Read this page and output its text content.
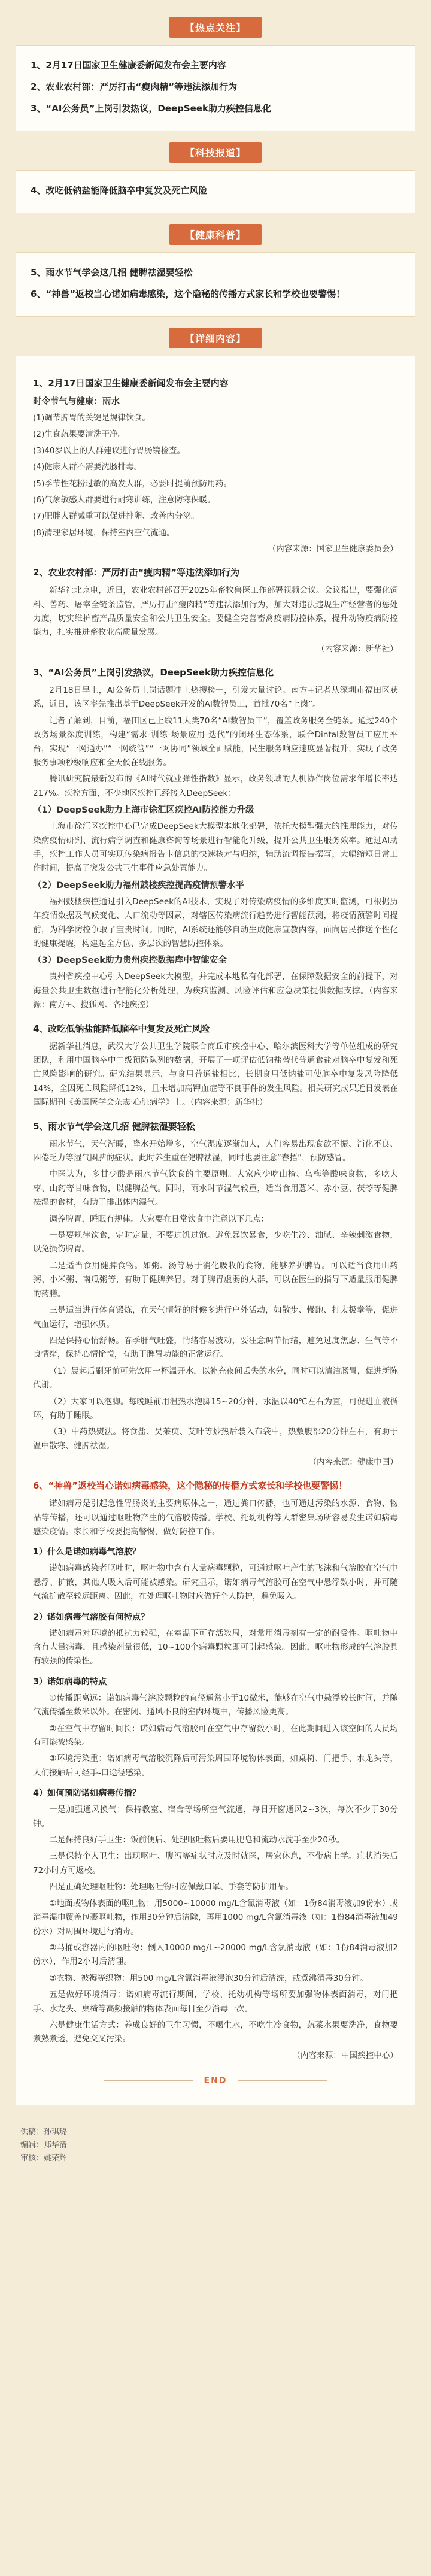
【热点关注】
1、2月17日国家卫生健康委新闻发布会主要内容
2、农业农村部：严厉打击“瘦肉精”等违法添加行为
3、“AI公务员”上岗引发热议，DeepSeek助力疾控信息化
【科技报道】
4、改吃低钠盐能降低脑卒中复发及死亡风险
【健康科普】
5、雨水节气学会这几招 健脾祛湿要轻松
6、“神兽”返校当心诺如病毒感染，这个隐秘的传播方式家长和学校也要警惕！
【详细内容】
1、2月17日国家卫生健康委新闻发布会主要内容
时令节气与健康：雨水
(1)调节脾胃的关键是规律饮食。
(2)生食蔬果要清洗干净。
(3)40岁以上的人群建议进行胃肠镜检查。
(4)健康人群不需要洗肠排毒。
(5)季节性花粉过敏的高发人群，必要时提前预防用药。
(6)气象敏感人群要进行耐寒训练，注意防寒保暖。
(7)肥胖人群减重可以促进排卵、改善内分泌。
(8)清理家居环境，保持室内空气流通。
（内容来源：国家卫生健康委员会）
2、农业农村部：严厉打击“瘦肉精”等违法添加行为
新华社北京电，近日，农业农村部召开2025年畜牧兽医工作部署视频会议。会议指出，要强化饲料、兽药、屠宰全链条监管，严厉打击“瘦肉精”等违法添加行为，加大对违法违规生产经营者的惩处力度，切实维护畜产品质量安全和公共卫生安全。要健全完善畜禽疫病防控体系，提升动物疫病防控能力，扎实推进畜牧业高质量发展。
（内容来源：新华社）
3、“AI公务员”上岗引发热议，DeepSeek助力疾控信息化
2月18日早上，AI公务员上岗话题冲上热搜榜一，引发大量讨论。南方+记者从深圳市福田区获悉，近日，该区率先推出基于DeepSeek开发的AI数智员工，首批70名“上岗”。
记者了解到，目前，福田区已上线11大类70名“AI数智员工”，覆盖政务服务全链条。通过240个政务场景深度训练，构建“需求-训练-场景应用-迭代”的闭环生态体系，联合Dintal数智员工应用平台，实现“一网通办”“一网统管”“一网协同”领域全面赋能，民生服务响应速度显著提升，实现了政务服务事项秒级响应和全天候在线服务。
腾讯研究院最新发布的《AI时代就业弹性指数》显示，政务领域的人机协作岗位需求年增长率达217%。疾控方面，不少地区疾控已经接入DeepSeek：
（1）DeepSeek助力上海市徐汇区疾控AI防控能力升级
上海市徐汇区疾控中心已完成DeepSeek大模型本地化部署，依托大模型强大的推理能力，对传染病疫情研判、流行病学调查和健康咨询等场景进行智能化升级，提升公共卫生服务效率。通过AI助手，疾控工作人员可实现传染病报告卡信息的快速核对与归纳，辅助流调报告撰写，大幅缩短日常工作时间，提高了突发公共卫生事件应急处置能力。
（2）DeepSeek助力福州鼓楼疾控提高疫情预警水平
福州鼓楼疾控通过引入DeepSeek的AI技术，实现了对传染病疫情的多维度实时监测，可根据历年疫情数据及气候变化、人口流动等因素，对辖区传染病流行趋势进行智能预测，将疫情预警时间提前，为科学防控争取了宝贵时间。同时，AI系统还能够自动生成健康宣教内容，面向居民推送个性化的健康提醒，构建起全方位、多层次的智慧防控体系。
（3）DeepSeek助力贵州疾控数据库中智能安全
贵州省疾控中心引入DeepSeek大模型，并完成本地私有化部署，在保障数据安全的前提下，对海量公共卫生数据进行智能化分析处理，为疾病监测、风险评估和应急决策提供数据支撑。（内容来源：南方+、搜狐网、各地疾控）
4、改吃低钠盐能降低脑卒中复发及死亡风险
据新华社消息，武汉大学公共卫生学院联合商丘市疾控中心、哈尔滨医科大学等单位组成的研究团队，利用中国脑卒中二级预防队列的数据，开展了一项评估低钠盐替代普通食盐对脑卒中复发和死亡风险影响的研究。研究结果显示，与食用普通盐相比，长期食用低钠盐可使脑卒中复发风险降低14%，全因死亡风险降低12%，且未增加高钾血症等不良事件的发生风险。相关研究成果近日发表在国际期刊《美国医学会杂志·心脏病学》上。（内容来源：新华社）
5、雨水节气学会这几招 健脾祛湿要轻松
雨水节气，天气渐暖，降水开始增多，空气湿度逐渐加大，人们容易出现食欲不振、消化不良、困倦乏力等湿气困脾的症状。此时养生重在健脾祛湿，同时也要注意“春捂”，预防感冒。
中医认为，多甘少酸是雨水节气饮食的主要原则。大家应少吃山楂、乌梅等酸味食物，多吃大枣、山药等甘味食物，以健脾益气。同时，雨水时节湿气较重，适当食用薏米、赤小豆、茯苓等健脾祛湿的食材，有助于排出体内湿气。
调养脾胃，睡眠有规律。大家要在日常饮食中注意以下几点：
一是要规律饮食，定时定量，不要过饥过饱。避免暴饮暴食，少吃生冷、油腻、辛辣刺激食物，以免损伤脾胃。
二是适当食用健脾食物。如粥、汤等易于消化吸收的食物，能够养护脾胃。可以适当食用山药粥、小米粥、南瓜粥等，有助于健脾养胃。对于脾胃虚弱的人群，可以在医生的指导下适量服用健脾的药膳。
三是适当进行体育锻炼，在天气晴好的时候多进行户外活动，如散步、慢跑、打太极拳等，促进气血运行，增强体质。
四是保持心情舒畅。春季肝气旺盛，情绪容易波动，要注意调节情绪，避免过度焦虑、生气等不良情绪，保持心情愉悦，有助于脾胃功能的正常运行。
（1）晨起后刷牙前可先饮用一杯温开水，以补充夜间丢失的水分，同时可以清洁肠胃，促进新陈代谢。
（2）大家可以泡脚。每晚睡前用温热水泡脚15~20分钟，水温以40℃左右为宜，可促进血液循环，有助于睡眠。
（3）中药热熨法。将食盐、吴茱萸、艾叶等炒热后装入布袋中，热敷腹部20分钟左右，有助于温中散寒、健脾祛湿。
（内容来源：健康中国）
6、“神兽”返校当心诺如病毒感染，这个隐秘的传播方式家长和学校也要警惕！
诺如病毒是引起急性胃肠炎的主要病原体之一，通过粪口传播，也可通过污染的水源、食物、物品等传播，还可以通过呕吐物产生的气溶胶传播。学校、托幼机构等人群密集场所容易发生诺如病毒感染疫情。家长和学校要提高警惕，做好防控工作。
1）什么是诺如病毒气溶胶？
诺如病毒感染者呕吐时，呕吐物中含有大量病毒颗粒，可通过呕吐产生的飞沫和气溶胶在空气中悬浮、扩散，其他人吸入后可能被感染。研究显示，诺如病毒气溶胶可在空气中悬浮数小时，并可随气流扩散至较远距离。因此，在处理呕吐物时应做好个人防护，避免吸入。
2）诺如病毒气溶胶有何特点？
诺如病毒对环境的抵抗力较强，在室温下可存活数周，对常用消毒剂有一定的耐受性。呕吐物中含有大量病毒，且感染剂量很低，10~100个病毒颗粒即可引起感染。因此，呕吐物形成的气溶胶具有较强的传染性。
3）诺如病毒的特点
①传播距离远：诺如病毒气溶胶颗粒的直径通常小于10微米，能够在空气中悬浮较长时间，并随气流传播至数米以外。在密闭、通风不良的室内环境中，传播风险更高。
②在空气中存留时间长：诺如病毒气溶胶可在空气中存留数小时，在此期间进入该空间的人员均有可能被感染。
③环境污染重：诺如病毒气溶胶沉降后可污染周围环境物体表面，如桌椅、门把手、水龙头等，人们接触后可经手-口途径感染。
4）如何预防诺如病毒传播？
一是加强通风换气：保持教室、宿舍等场所空气流通，每日开窗通风2~3次，每次不少于30分钟。
二是保持良好手卫生：饭前便后、处理呕吐物后要用肥皂和流动水洗手至少20秒。
三是保持个人卫生：出现呕吐、腹泻等症状时应及时就医，居家休息，不带病上学。症状消失后72小时方可返校。
四是正确处理呕吐物：处理呕吐物时应佩戴口罩、手套等防护用品。
①地面或物体表面的呕吐物：用5000~10000 mg/L含氯消毒液（如：1份84消毒液加9份水）或消毒湿巾覆盖包裹呕吐物，作用30分钟后清除，再用1000 mg/L含氯消毒液（如：1份84消毒液加49份水）对周围环境进行消毒。
②马桶或容器内的呕吐物：倒入10000 mg/L~20000 mg/L含氯消毒液（如：1份84消毒液加2份水），作用2小时后清理。
③衣物、被褥等织物：用500 mg/L含氯消毒液浸泡30分钟后清洗，或煮沸消毒30分钟。
五是做好环境消毒：诺如病毒流行期间，学校、托幼机构等场所要加强物体表面消毒，对门把手、水龙头、桌椅等高频接触的物体表面每日至少消毒一次。
六是健康生活方式：养成良好的卫生习惯，不喝生水，不吃生冷食物，蔬菜水果要洗净，食物要煮熟煮透，避免交叉污染。
（内容来源：中国疾控中心）
END
供稿：孙琪璐
编辑：郑华清
审核：姚荣辉
